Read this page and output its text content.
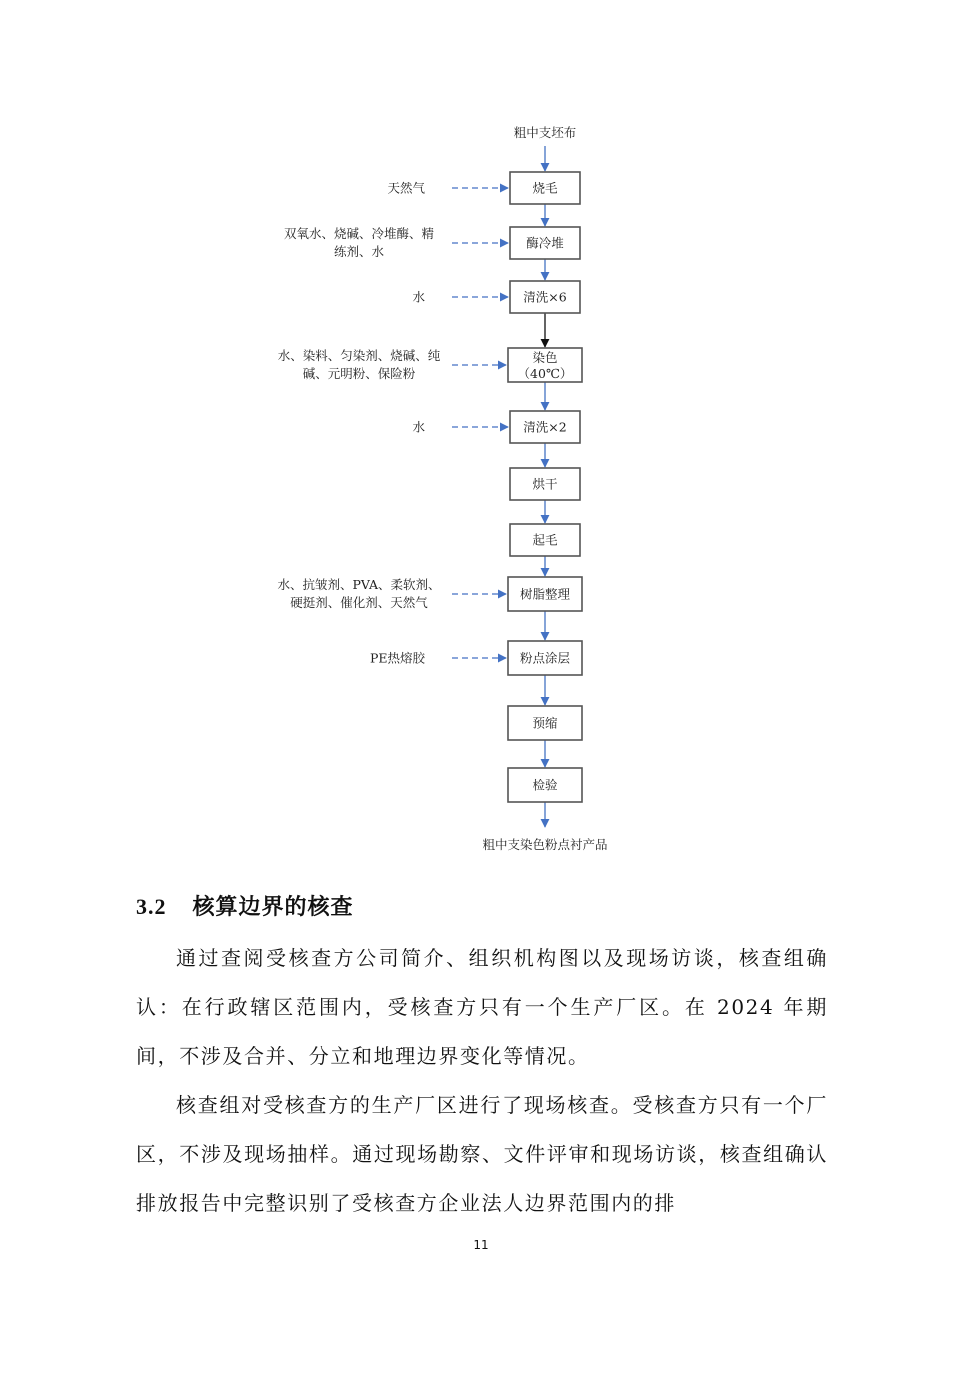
粗中支坯布
烧毛
天然气
酶冷堆
双氧水、烧碱、冷堆酶、精
练剂、水
清洗×6
水
染色
（40℃）
水、染料、匀染剂、烧碱、纯
碱、元明粉、保险粉
清洗×2
水
烘干
起毛
树脂整理
水、抗皱剂、PVA、柔软剂、
硬挺剂、催化剂、天然气
粉点涂层
PE热熔胶
预缩
检验
粗中支染色粉点衬产品
3.2 核算边界的核查

通过查阅受核查方公司简介、组织机构图以及现场访谈，核查组确认：在行政辖区范围内，受核查方只有一个生产厂区。在 2024 年期间，不涉及合并、分立和地理边界变化等情况。

核查组对受核查方的生产厂区进行了现场核查。受核查方只有一个厂区，不涉及现场抽样。通过现场勘察、文件评审和现场访谈，核查组确认排放报告中完整识别了受核查方企业法人边界范围内的排

11
